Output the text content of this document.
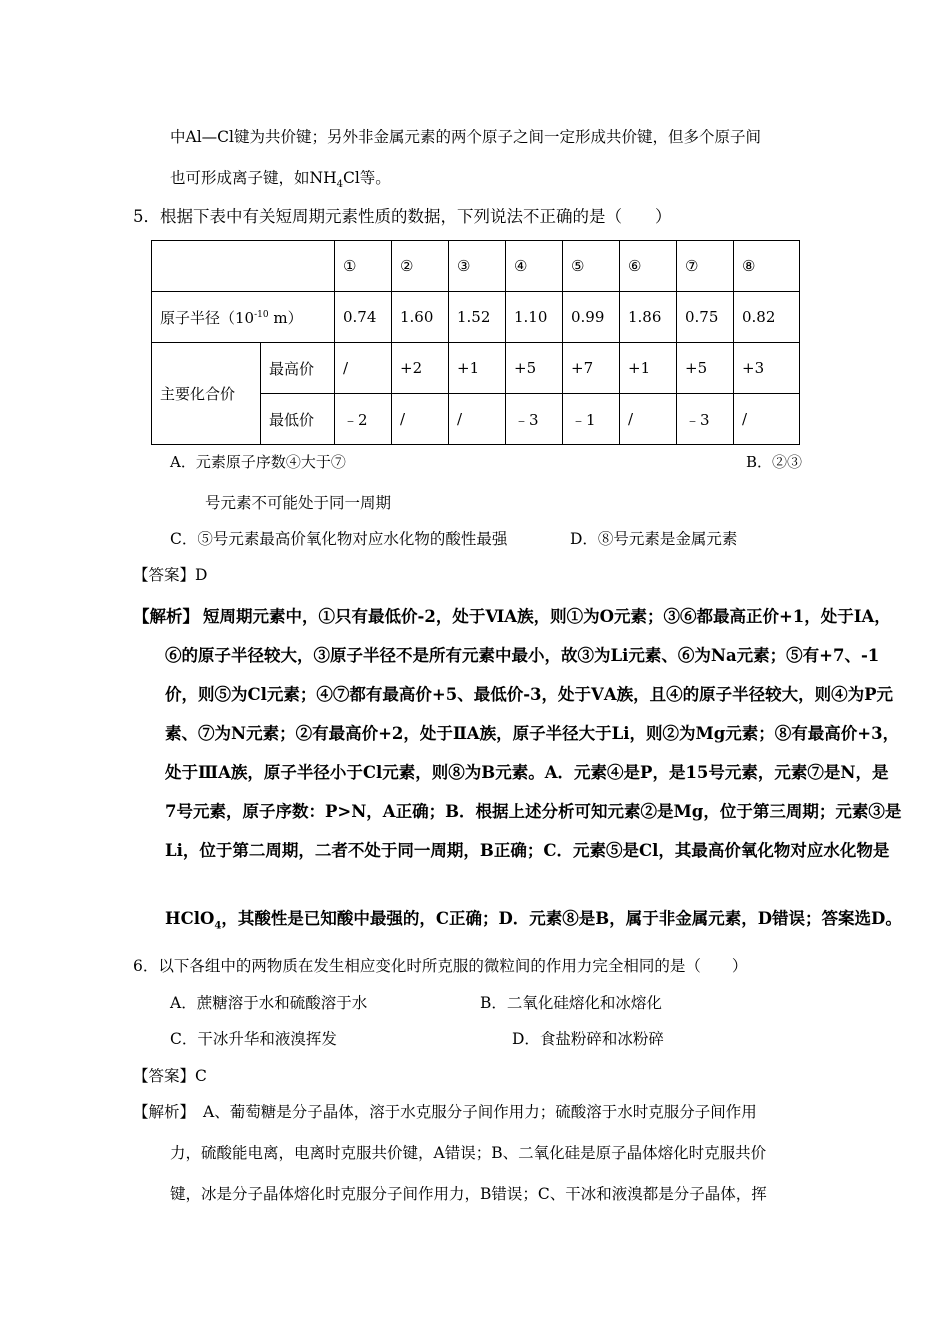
中Al—Cl键为共价键；另外非金属元素的两个原子之间一定形成共价键，但多个原子间
也可形成离子键，如$NH_4Cl$等。
5．根据下表中有关短周期元素性质的数据，下列说法不正确的是（　　）
		①	②	③	④	⑤	⑥	⑦	⑧
原子半径（$10^{-10}$ m）		0.74	1.60	1.52	1.10	0.99	1.86	0.75	0.82
主要化合价	最高价	/	+2	+1	+5	+7	+1	+5	+3
	最低价	﹣2	/	/	﹣3	﹣1	/	﹣3	/
A．元素原子序数④大于⑦	B．②③
号元素不可能处于同一周期
C．⑤号元素最高价氧化物对应水化物的酸性最强	D．⑧号元素是金属元素
【答案】D
【解析】 短周期元素中，①只有最低价-2，处于ⅥA族，则①为O元素；③⑥都最高正价+1，处于ⅠA，
⑥的原子半径较大，③原子半径不是所有元素中最小，故③为Li元素、⑥为Na元素；⑤有+7、-1
价，则⑤为Cl元素；④⑦都有最高价+5、最低价-3，处于ⅤA族，且④的原子半径较大，则④为P元
素、⑦为N元素；②有最高价+2，处于ⅡA族，原子半径大于Li，则②为Mg元素；⑧有最高价+3，
处于ⅢA族，原子半径小于Cl元素，则⑧为B元素。A．元素④是P，是15号元素，元素⑦是N，是
7号元素，原子序数：P>N，A正确；B．根据上述分析可知元素②是Mg，位于第三周期；元素③是
Li，位于第二周期，二者不处于同一周期，B正确；C．元素⑤是Cl，其最高价氧化物对应水化物是
HClO$_4$，其酸性是已知酸中最强的，C正确；D．元素⑧是B，属于非金属元素，D错误；答案选D。
6．以下各组中的两物质在发生相应变化时所克服的微粒间的作用力完全相同的是（　　）
A．蔗糖溶于水和硫酸溶于水	B．二氧化硅熔化和冰熔化
C．干冰升华和液溴挥发	D．食盐粉碎和冰粉碎
【答案】C
【解析】 A、葡萄糖是分子晶体，溶于水克服分子间作用力；硫酸溶于水时克服分子间作用
力，硫酸能电离，电离时克服共价键，A错误；B、二氧化硅是原子晶体熔化时克服共价
键，冰是分子晶体熔化时克服分子间作用力，B错误；C、干冰和液溴都是分子晶体，挥
